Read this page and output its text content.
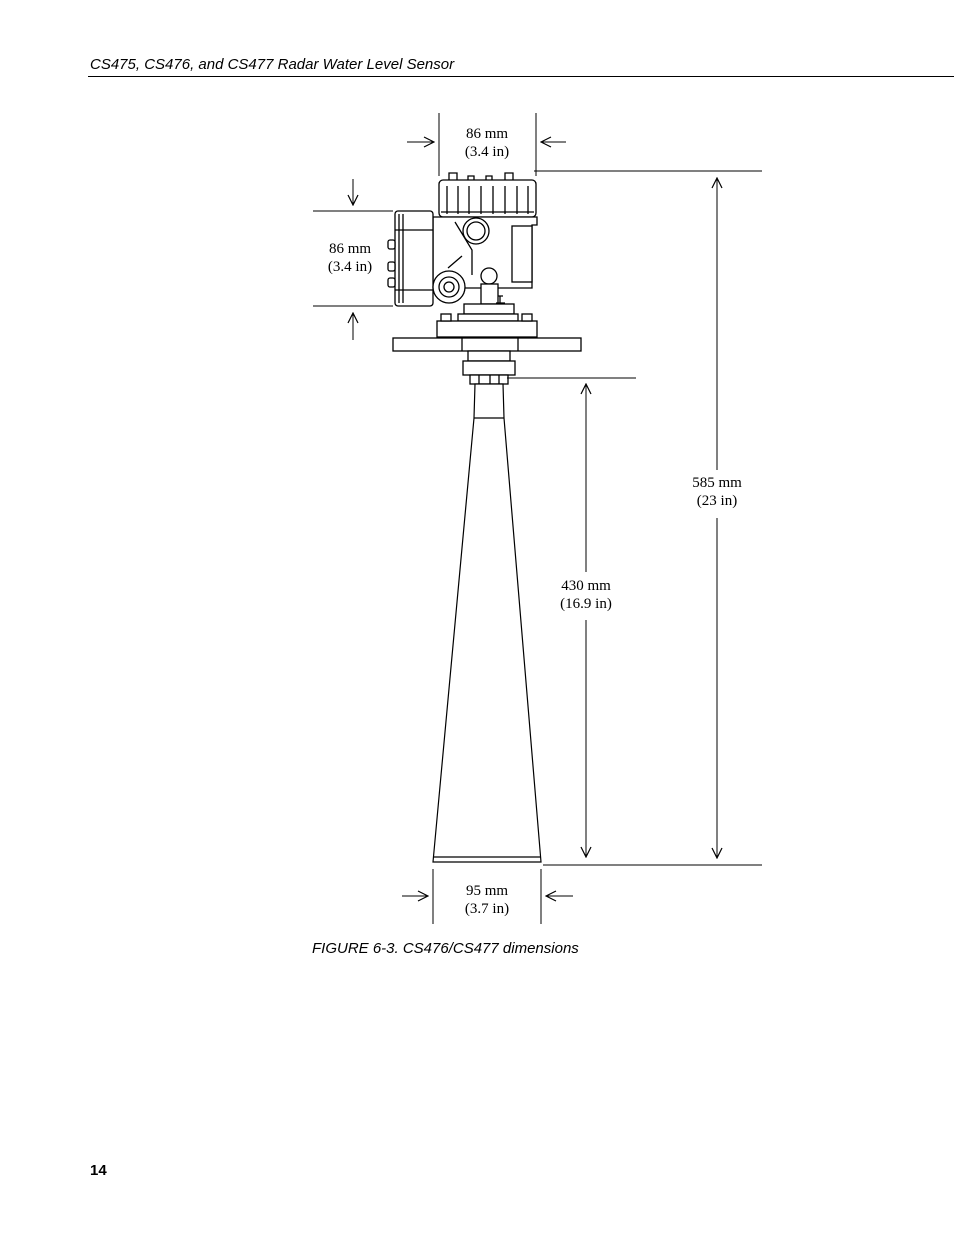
CS475, CS476, and CS477 Radar Water Level Sensor
86 mm
(3.4 in)
86 mm
(3.4 in)
585 mm
(23 in)
430 mm
(16.9 in)
95 mm
(3.7 in)
FIGURE 6-3. CS476/CS477 dimensions
14
